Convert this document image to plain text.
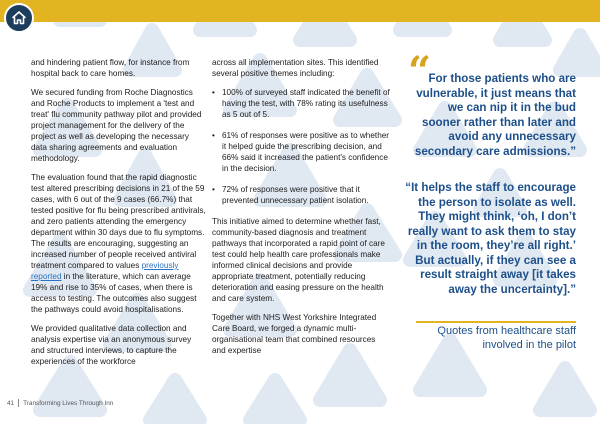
and hindering patient flow, for instance from hospital back to care homes.

We secured funding from Roche Diagnostics and Roche Products to implement a 'test and treat' flu community pathway pilot and provided project management for the delivery of the project as well as developing the necessary data sharing agreements and evaluation methodology.

The evaluation found that the rapid diagnostic test altered prescribing decisions in 21 of the 59 cases, with 6 out of the 9 cases (66.7%) that tested positive for flu being prescribed antivirals, and zero patients attending the emergency department within 30 days due to flu symptoms. The results are encouraging, suggesting an increased number of people received antiviral treatment compared to values previously reported in the literature, which can average 19% and rise to 35% of cases, when there is access to testing. The outcomes also suggest the pathways could avoid hospitalisations.

We provided qualitative data collection and analysis expertise via an anonymous survey and structured interviews, to capture the experiences of the workforce

across all implementation sites. This identified several positive themes including:

• 100% of surveyed staff indicated the benefit of having the test, with 78% rating its usefulness as 5 out of 5.
• 61% of responses were positive as to whether it helped guide the prescribing decision, and 66% said it increased the patient's confidence in the decision.
• 72% of responses were positive that it prevented unnecessary patient isolation.

This initiative aimed to determine whether fast, community-based diagnosis and treatment pathways that incorporated a rapid point of care test could help health care professionals make informed clinical decisions and provide appropriate treatment, potentially reducing deterioration and easing pressure on the health and care system.

Together with NHS West Yorkshire Integrated Care Board, we forged a dynamic multi-organisational team that combined resources and expertise

“ For those patients who are vulnerable, it just means that we can nip it in the bud sooner rather than later and avoid any unnecessary secondary care admissions.”
“It helps the staff to encourage the person to isolate as well. They might think, ‘oh, I don’t really want to ask them to stay in the room, they’re all right.’ But actually, if they can see a result straight away [it takes away the uncertainty].”
Quotes from healthcare staff involved in the pilot
41 Transforming Lives Through Inn
